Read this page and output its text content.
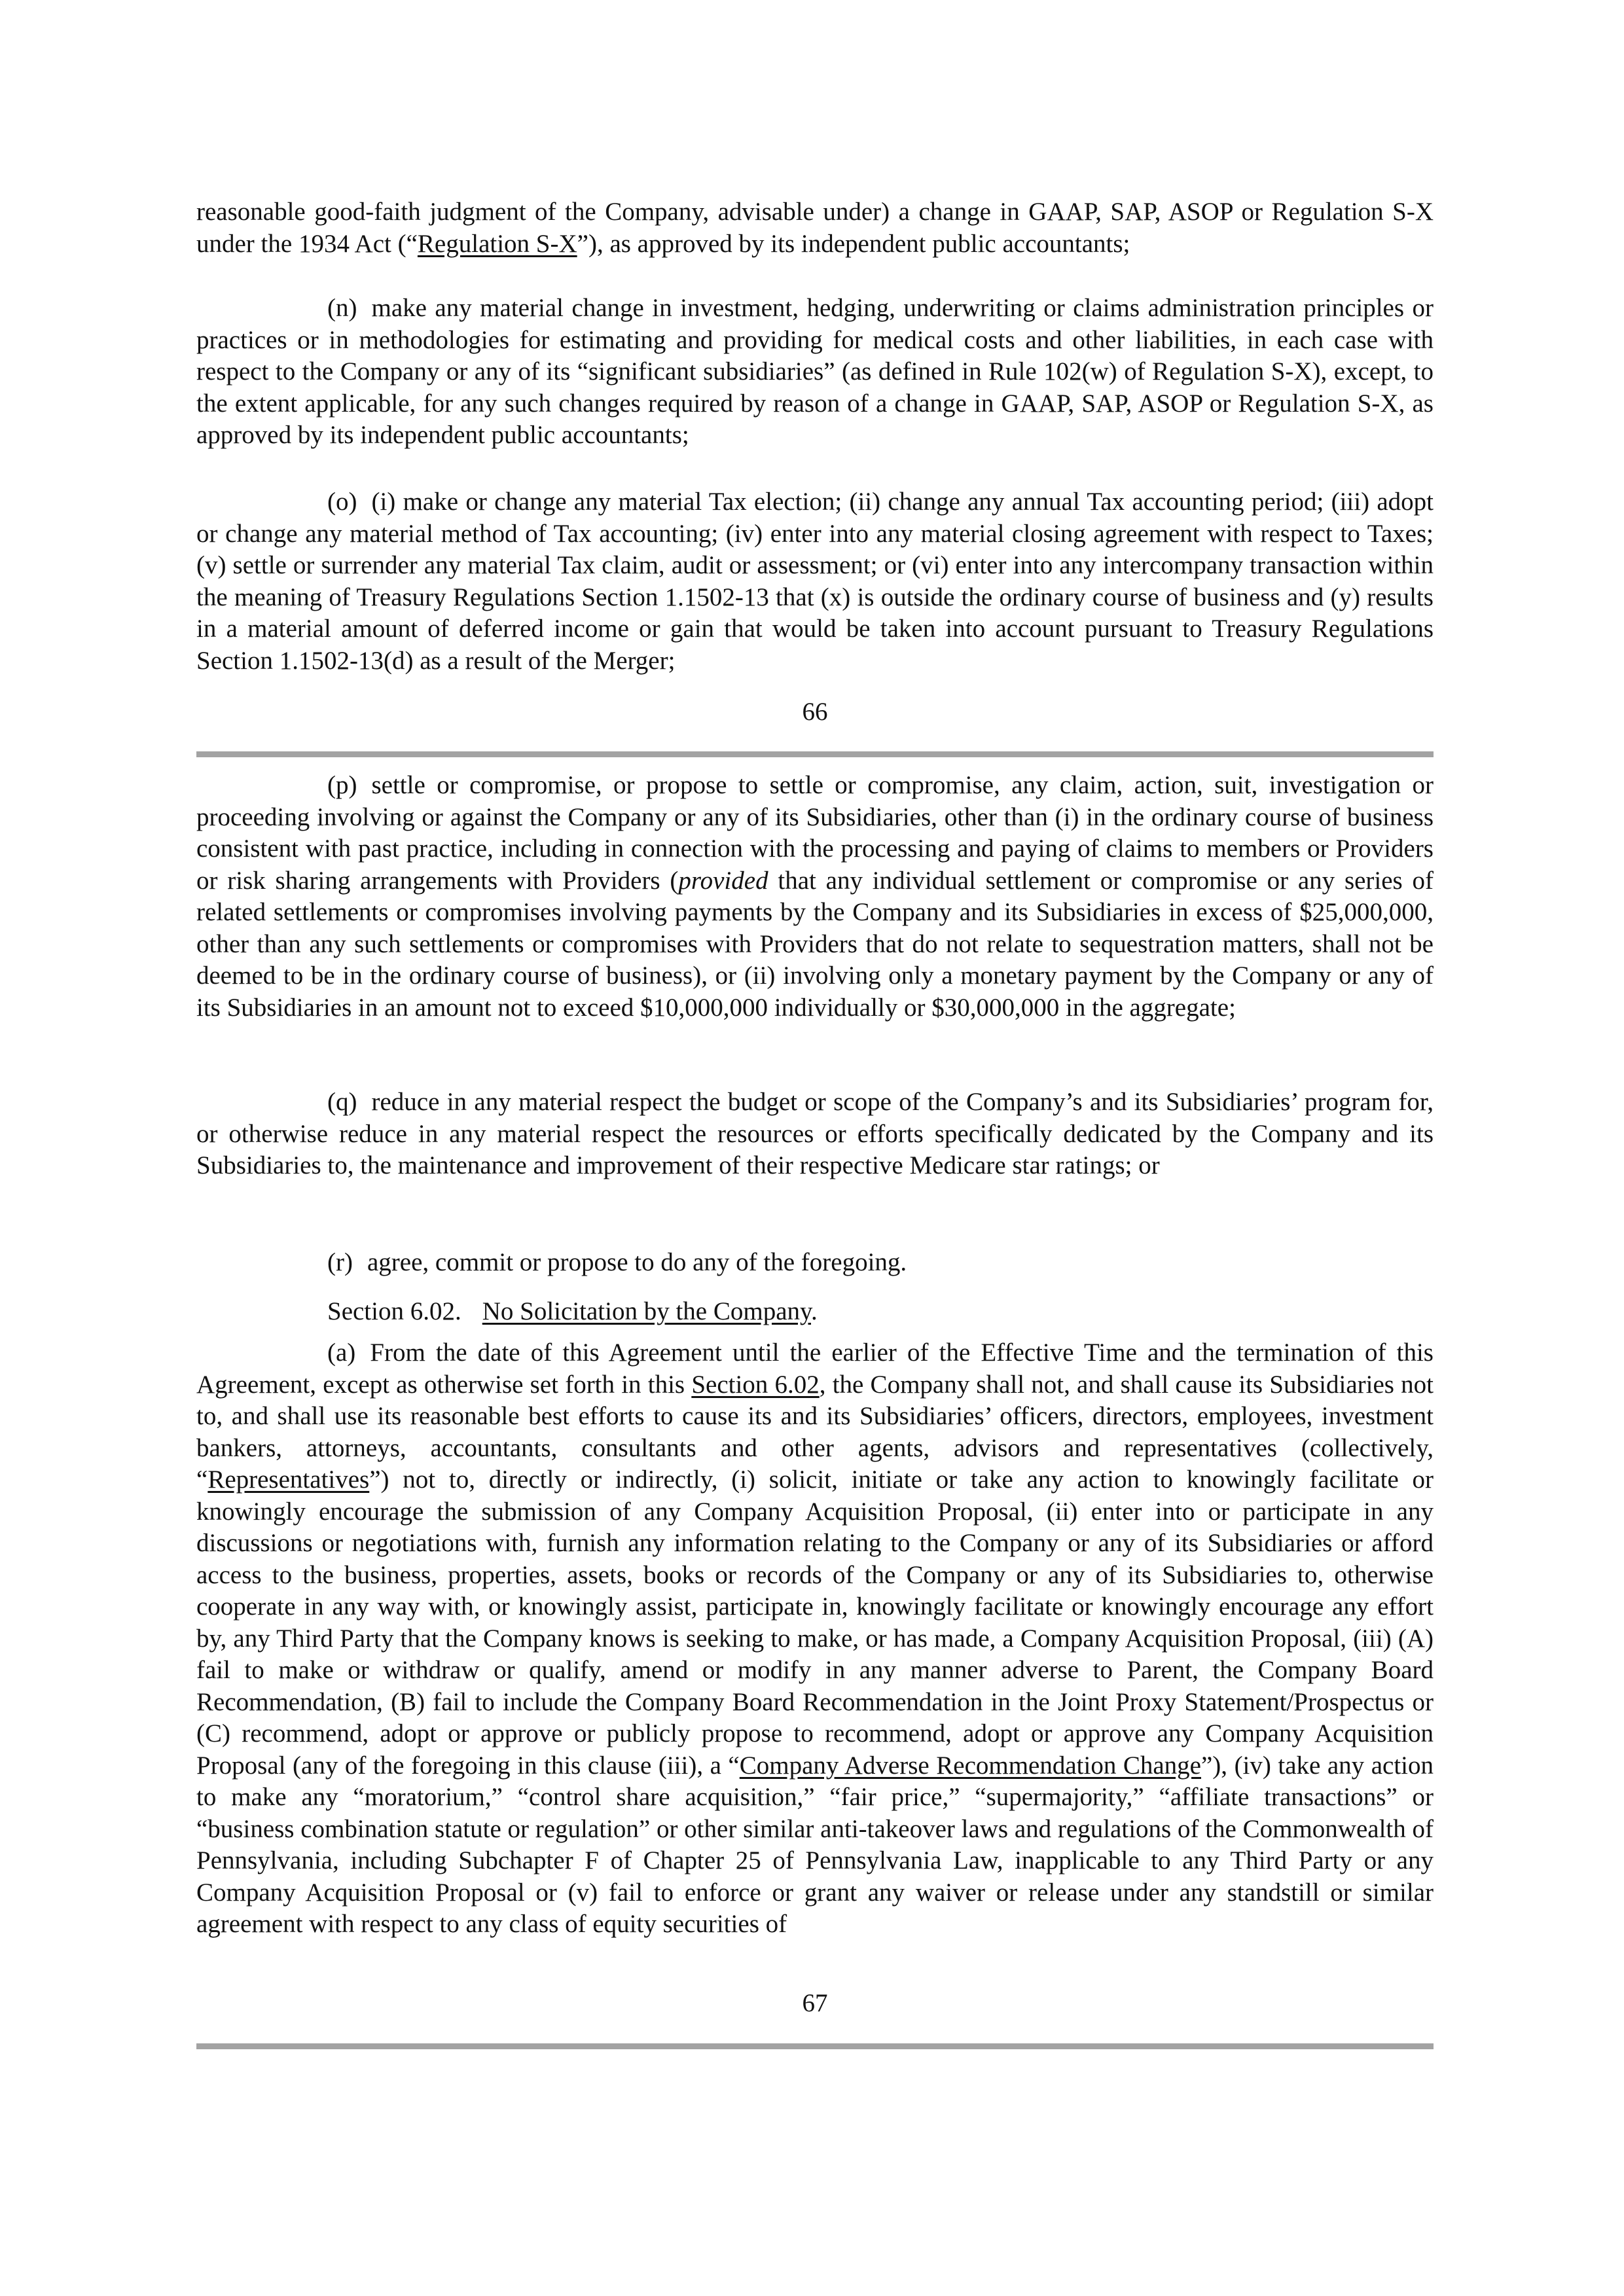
reasonable good-faith judgment of the Company, advisable under) a change in GAAP, SAP, ASOP or Regulation S-X under the 1934 Act (“Regulation S-X”), as approved by its independent public accountants;

(n) make any material change in investment, hedging, underwriting or claims administration principles or practices or in methodologies for estimating and providing for medical costs and other liabilities, in each case with respect to the Company or any of its “significant subsidiaries” (as defined in Rule 102(w) of Regulation S-X), except, to the extent applicable, for any such changes required by reason of a change in GAAP, SAP, ASOP or Regulation S-X, as approved by its independent public accountants;

(o) (i) make or change any material Tax election; (ii) change any annual Tax accounting period; (iii) adopt or change any material method of Tax accounting; (iv) enter into any material closing agreement with respect to Taxes; (v) settle or surrender any material Tax claim, audit or assessment; or (vi) enter into any intercompany transaction within the meaning of Treasury Regulations Section 1.1502-13 that (x) is outside the ordinary course of business and (y) results in a material amount of deferred income or gain that would be taken into account pursuant to Treasury Regulations Section 1.1502-13(d) as a result of the Merger;

66

(p) settle or compromise, or propose to settle or compromise, any claim, action, suit, investigation or proceeding involving or against the Company or any of its Subsidiaries, other than (i) in the ordinary course of business consistent with past practice, including in connection with the processing and paying of claims to members or Providers or risk sharing arrangements with Providers (provided that any individual settlement or compromise or any series of related settlements or compromises involving payments by the Company and its Subsidiaries in excess of $25,000,000, other than any such settlements or compromises with Providers that do not relate to sequestration matters, shall not be deemed to be in the ordinary course of business), or (ii) involving only a monetary payment by the Company or any of its Subsidiaries in an amount not to exceed $10,000,000 individually or $30,000,000 in the aggregate;

(q) reduce in any material respect the budget or scope of the Company’s and its Subsidiaries’ program for, or otherwise reduce in any material respect the resources or efforts specifically dedicated by the Company and its Subsidiaries to, the maintenance and improvement of their respective Medicare star ratings; or

(r) agree, commit or propose to do any of the foregoing.

Section 6.02. No Solicitation by the Company.

(a) From the date of this Agreement until the earlier of the Effective Time and the termination of this Agreement, except as otherwise set forth in this Section 6.02, the Company shall not, and shall cause its Subsidiaries not to, and shall use its reasonable best efforts to cause its and its Subsidiaries’ officers, directors, employees, investment bankers, attorneys, accountants, consultants and other agents, advisors and representatives (collectively, “Representatives”) not to, directly or indirectly, (i) solicit, initiate or take any action to knowingly facilitate or knowingly encourage the submission of any Company Acquisition Proposal, (ii) enter into or participate in any discussions or negotiations with, furnish any information relating to the Company or any of its Subsidiaries or afford access to the business, properties, assets, books or records of the Company or any of its Subsidiaries to, otherwise cooperate in any way with, or knowingly assist, participate in, knowingly facilitate or knowingly encourage any effort by, any Third Party that the Company knows is seeking to make, or has made, a Company Acquisition Proposal, (iii) (A) fail to make or withdraw or qualify, amend or modify in any manner adverse to Parent, the Company Board Recommendation, (B) fail to include the Company Board Recommendation in the Joint Proxy Statement/Prospectus or (C) recommend, adopt or approve or publicly propose to recommend, adopt or approve any Company Acquisition Proposal (any of the foregoing in this clause (iii), a “Company Adverse Recommendation Change”), (iv) take any action to make any “moratorium,” “control share acquisition,” “fair price,” “supermajority,” “affiliate transactions” or “business combination statute or regulation” or other similar anti-takeover laws and regulations of the Commonwealth of Pennsylvania, including Subchapter F of Chapter 25 of Pennsylvania Law, inapplicable to any Third Party or any Company Acquisition Proposal or (v) fail to enforce or grant any waiver or release under any standstill or similar agreement with respect to any class of equity securities of

67
